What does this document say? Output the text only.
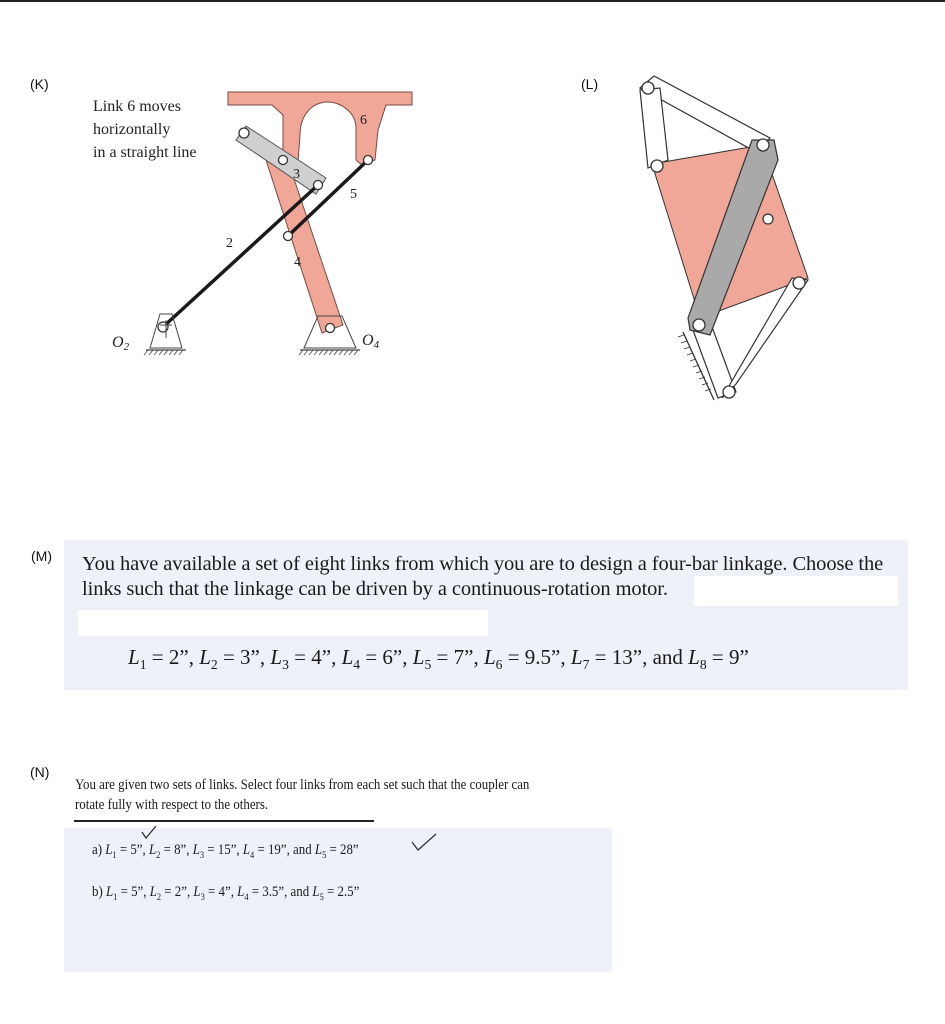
(K)	(L)
(M)
(N)
2
3
4
5
6
O2	O4
Link 6 moves
horizontally
in a straight line
You have available a set of eight links from which you are to design a four-bar linkage. Choose the links such that the linkage can be driven by a continuous-rotation motor.
$L_1 = 2$”, $L_2 = 3$”, $L_3 = 4$”, $L_4 = 6$”, $L_5 = 7$”, $L_6 = 9.5$”, $L_7 = 13$”, and $L_8 = 9$”
You are given two sets of links. Select four links from each set such that the coupler can rotate fully with respect to the others.
a) $L_1 = 5$”, $L_2 = 8$”, $L_3 = 15$”, $L_4 = 19$”, and $L_5 = 28$”
b) $L_1 = 5$”, $L_2 = 2$”, $L_3 = 4$”, $L_4 = 3.5$”, and $L_5 = 2.5$”
